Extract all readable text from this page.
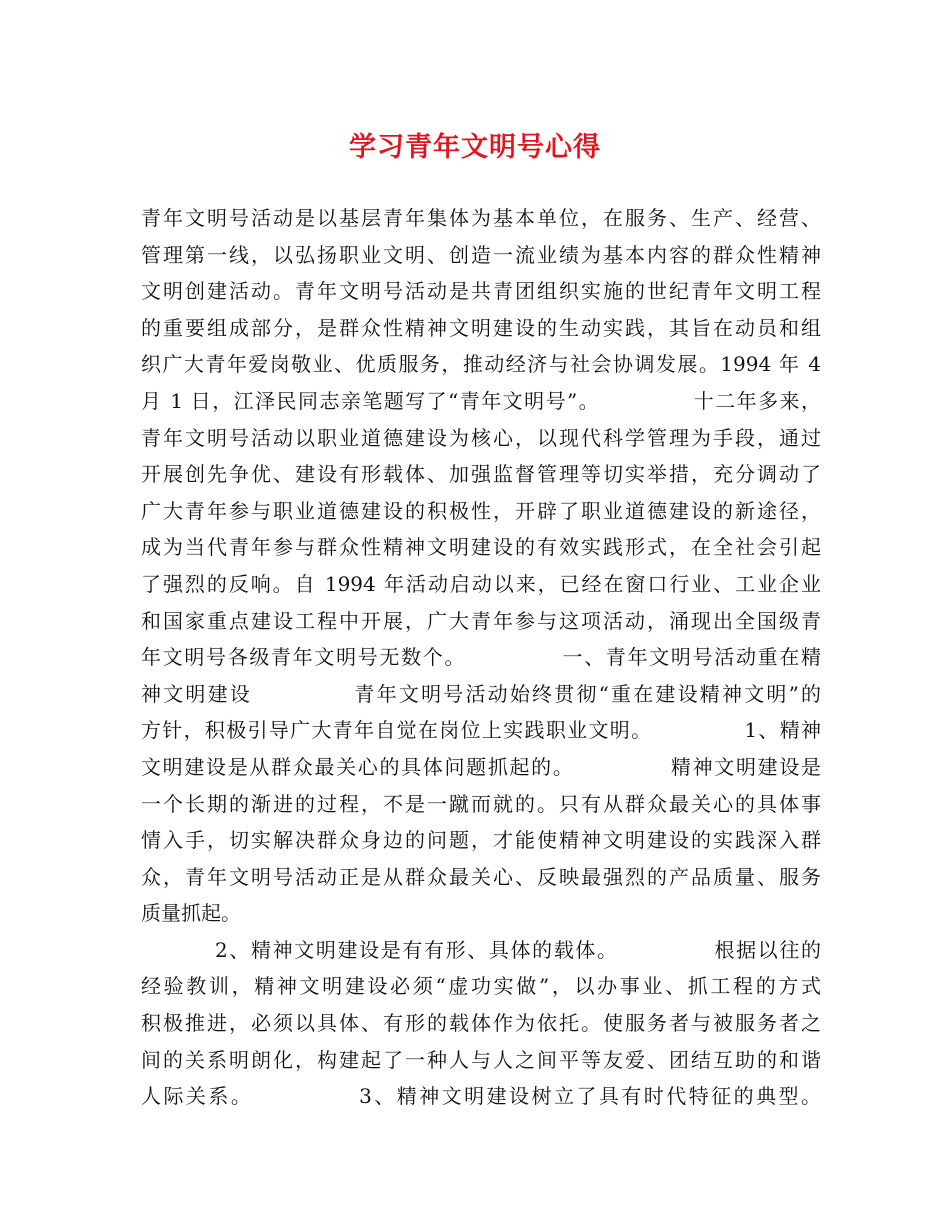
学习青年文明号心得
青年文明号活动是以基层青年集体为基本单位，在服务、生产、经营、
管理第一线，以弘扬职业文明、创造一流业绩为基本内容的群众性精神
文明创建活动。青年文明号活动是共青团组织实施的世纪青年文明工程
的重要组成部分，是群众性精神文明建设的生动实践，其旨在动员和组
织广大青年爱岗敬业、优质服务，推动经济与社会协调发展。1994 年 4
月 1 日，江泽民同志亲笔题写了“青年文明号”。            十二年多来，
青年文明号活动以职业道德建设为核心，以现代科学管理为手段，通过
开展创先争优、建设有形载体、加强监督管理等切实举措，充分调动了
广大青年参与职业道德建设的积极性，开辟了职业道德建设的新途径，
成为当代青年参与群众性精神文明建设的有效实践形式，在全社会引起
了强烈的反响。自 1994 年活动启动以来，已经在窗口行业、工业企业
和国家重点建设工程中开展，广大青年参与这项活动，涌现出全国级青
年文明号各级青年文明号无数个。            一、青年文明号活动重在精
神文明建设            青年文明号活动始终贯彻“重在建设精神文明”的
方针，积极引导广大青年自觉在岗位上实践职业文明。            1、精神
文明建设是从群众最关心的具体问题抓起的。            精神文明建设是
一个长期的渐进的过程，不是一蹴而就的。只有从群众最关心的具体事
情入手，切实解决群众身边的问题，才能使精神文明建设的实践深入群
众，青年文明号活动正是从群众最关心、反映最强烈的产品质量、服务
质量抓起。
2、精神文明建设是有有形、具体的载体。            根据以往的
经验教训，精神文明建设必须“虚功实做”，以办事业、抓工程的方式
积极推进，必须以具体、有形的载体作为依托。使服务者与被服务者之
间的关系明朗化，构建起了一种人与人之间平等友爱、团结互助的和谐
人际关系。            3、精神文明建设树立了具有时代特征的典型。
